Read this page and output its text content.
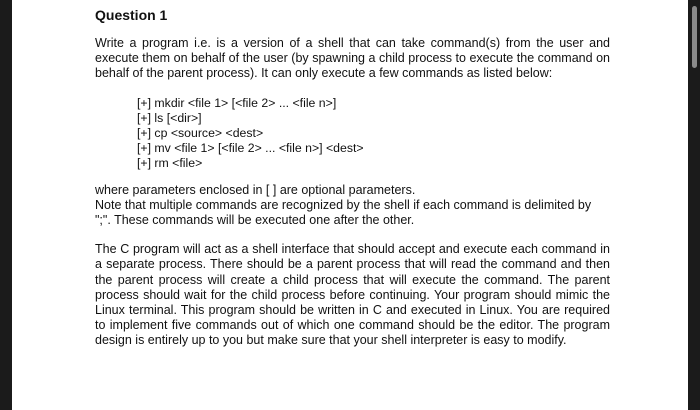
Question 1

Write a program i.e. is a version of a shell that can take command(s) from the user and execute them on behalf of the user (by spawning a child process to execute the command on behalf of the parent process). It can only execute a few commands as listed below:

[+] mkdir <file 1> [<file 2> ... <file n>]
[+] ls [<dir>]
[+] cp <source> <dest>
[+] mv <file 1> [<file 2> ... <file n>] <dest>
[+] rm <file>

where parameters enclosed in [ ] are optional parameters.

Note that multiple commands are recognized by the shell if each command is delimited by ";". These commands will be executed one after the other.

The C program will act as a shell interface that should accept and execute each command in a separate process. There should be a parent process that will read the command and then the parent process will create a child process that will execute the command. The parent process should wait for the child process before continuing. Your program should mimic the Linux terminal. This program should be written in C and executed in Linux. You are required to implement five commands out of which one command should be the editor. The program design is entirely up to you but make sure that your shell interpreter is easy to modify.
